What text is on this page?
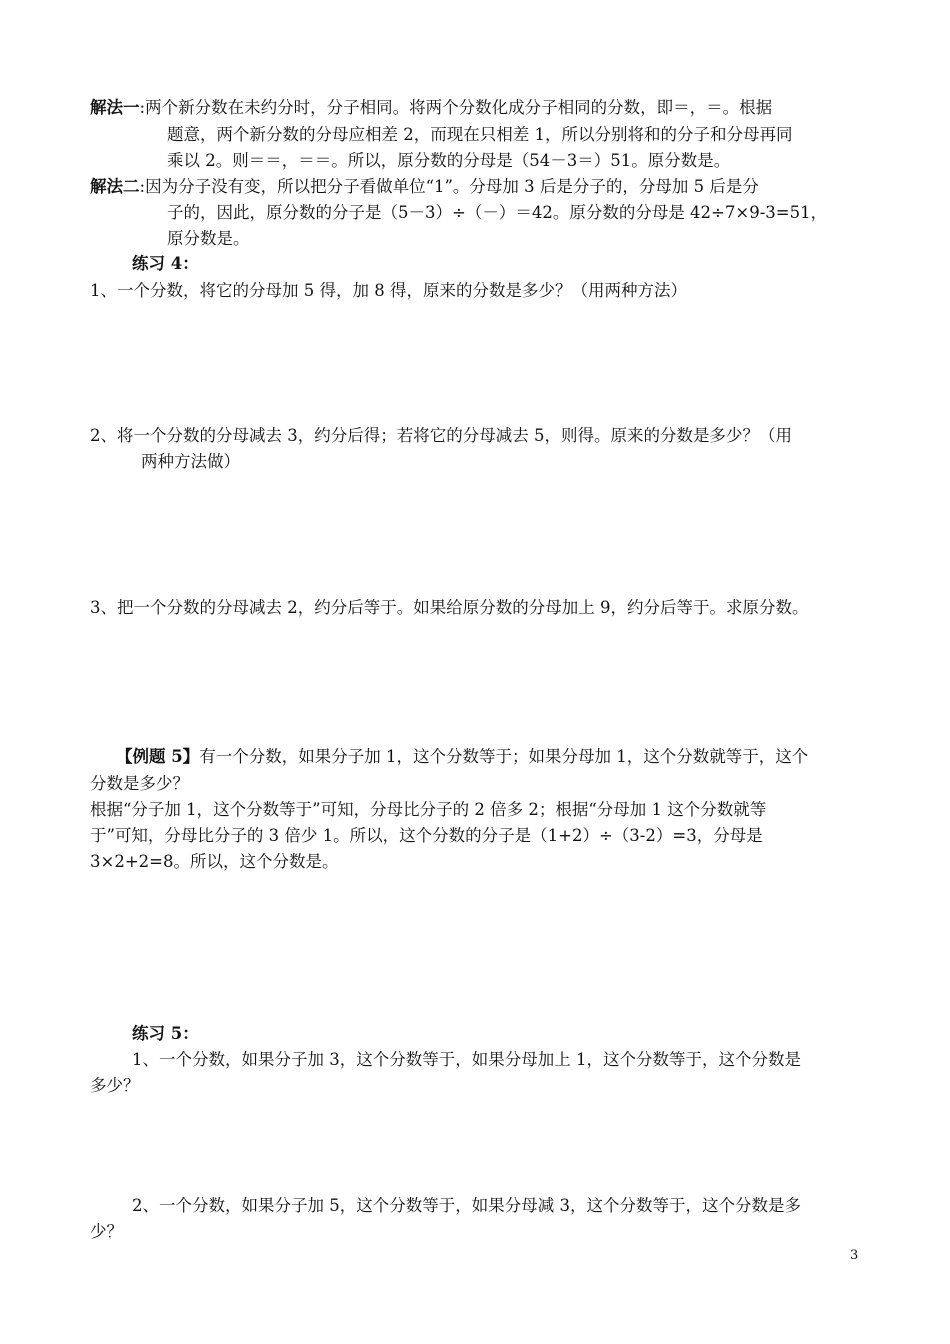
解法一:两个新分数在未约分时，分子相同。将两个分数化成分子相同的分数，即＝，＝。根据
题意，两个新分数的分母应相差 2，而现在只相差 1，所以分别将和的分子和分母再同
乘以 2。则＝＝，＝＝。所以，原分数的分母是（54－3＝）51。原分数是。
解法二:因为分子没有变，所以把分子看做单位“1”。分母加 3 后是分子的，分母加 5 后是分
子的，因此，原分数的分子是（5－3）÷（－）＝42。原分数的分母是 42÷7×9-3=51，
原分数是。
练习 4：
1、一个分数，将它的分母加 5 得，加 8 得，原来的分数是多少？（用两种方法）
2、将一个分数的分母减去 3，约分后得；若将它的分母减去 5，则得。原来的分数是多少？（用
两种方法做）
3、把一个分数的分母减去 2，约分后等于。如果给原分数的分母加上 9，约分后等于。求原分数。
【例题 5】有一个分数，如果分子加 1，这个分数等于；如果分母加 1，这个分数就等于，这个
分数是多少？
根据“分子加 1，这个分数等于”可知，分母比分子的 2 倍多 2；根据“分母加 1 这个分数就等
于”可知，分母比分子的 3 倍少 1。所以，这个分数的分子是（1+2）÷（3-2）=3，分母是
3×2+2=8。所以，这个分数是。
练习 5：
1、一个分数，如果分子加 3，这个分数等于，如果分母加上 1，这个分数等于，这个分数是
多少？
2、一个分数，如果分子加 5，这个分数等于，如果分母减 3，这个分数等于，这个分数是多
少？
3
